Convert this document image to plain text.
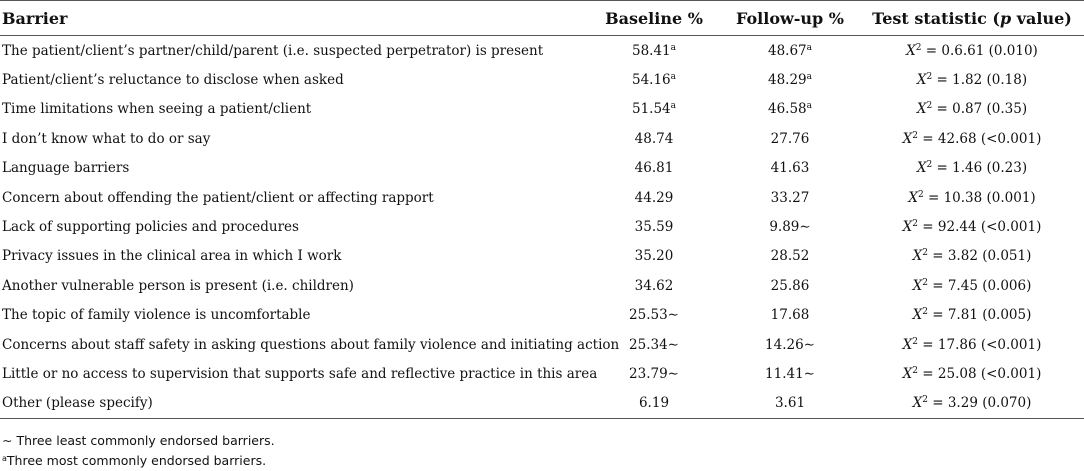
Barrier	Baseline %	Follow-up %	Test statistic (p value)
The patient/client’s partner/child/parent (i.e. suspected perpetrator) is present	58.41$^a$	48.67$^a$	$X^2 = 0.6.61$ (0.010)
Patient/client’s reluctance to disclose when asked	54.16$^a$	48.29$^a$	$X^2 = 1.82$ (0.18)
Time limitations when seeing a patient/client	51.54$^a$	46.58$^a$	$X^2 = 0.87$ (0.35)
I don’t know what to do or say	48.74	27.76	$X^2 = 42.68$ (<0.001)
Language barriers	46.81	41.63	$X^2 = 1.46$ (0.23)
Concern about offending the patient/client or affecting rapport	44.29	33.27	$X^2 = 10.38$ (0.001)
Lack of supporting policies and procedures	35.59	9.89∼	$X^2 = 92.44$ (<0.001)
Privacy issues in the clinical area in which I work	35.20	28.52	$X^2 = 3.82$ (0.051)
Another vulnerable person is present (i.e. children)	34.62	25.86	$X^2 = 7.45$ (0.006)
The topic of family violence is uncomfortable	25.53∼	17.68	$X^2 = 7.81$ (0.005)
Concerns about staff safety in asking questions about family violence and initiating action	25.34∼	14.26∼	$X^2 = 17.86$ (<0.001)
Little or no access to supervision that supports safe and reflective practice in this area	23.79∼	11.41∼	$X^2 = 25.08$ (<0.001)
Other (please specify)	6.19	3.61	$X^2 = 3.29$ (0.070)
∼ Three least commonly endorsed barriers.
$^a$Three most commonly endorsed barriers.
